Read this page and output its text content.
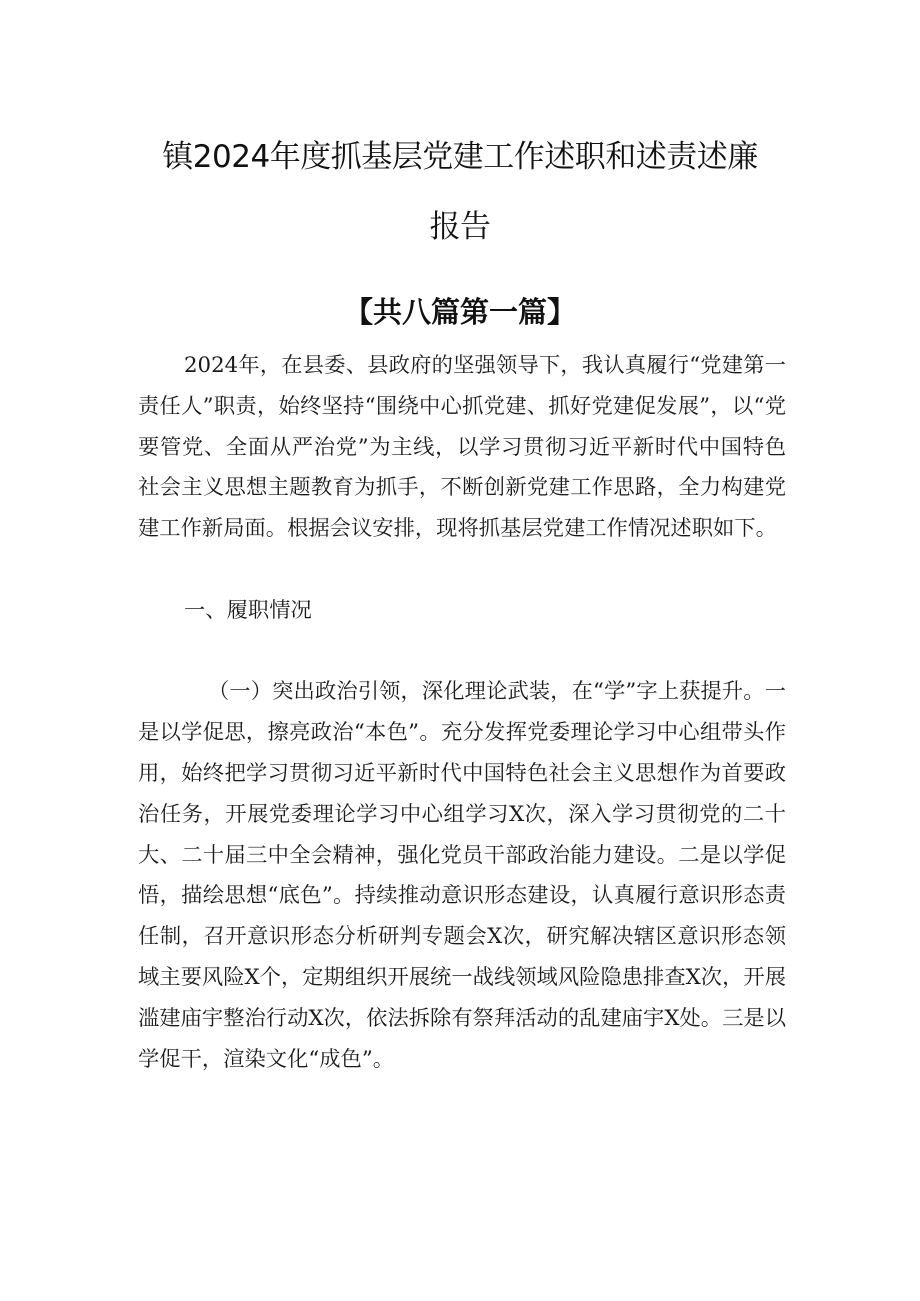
镇2024年度抓基层党建工作述职和述责述廉
报告
【共八篇第一篇】

2024年，在县委、县政府的坚强领导下，我认真履行“党建第一责任人”职责，始终坚持“围绕中心抓党建、抓好党建促发展”，以“党要管党、全面从严治党”为主线，以学习贯彻习近平新时代中国特色社会主义思想主题教育为抓手，不断创新党建工作思路，全力构建党建工作新局面。根据会议安排，现将抓基层党建工作情况述职如下。

一、履职情况

（一）突出政治引领，深化理论武装，在“学”字上获提升。一是以学促思，擦亮政治“本色”。充分发挥党委理论学习中心组带头作用，始终把学习贯彻习近平新时代中国特色社会主义思想作为首要政治任务，开展党委理论学习中心组学习X次，深入学习贯彻党的二十大、二十届三中全会精神，强化党员干部政治能力建设。二是以学促悟，描绘思想“底色”。持续推动意识形态建设，认真履行意识形态责任制，召开意识形态分析研判专题会X次，研究解决辖区意识形态领域主要风险X个，定期组织开展统一战线领域风险隐患排查X次，开展滥建庙宇整治行动X次，依法拆除有祭拜活动的乱建庙宇X处。三是以学促干，渲染文化“成色”。
